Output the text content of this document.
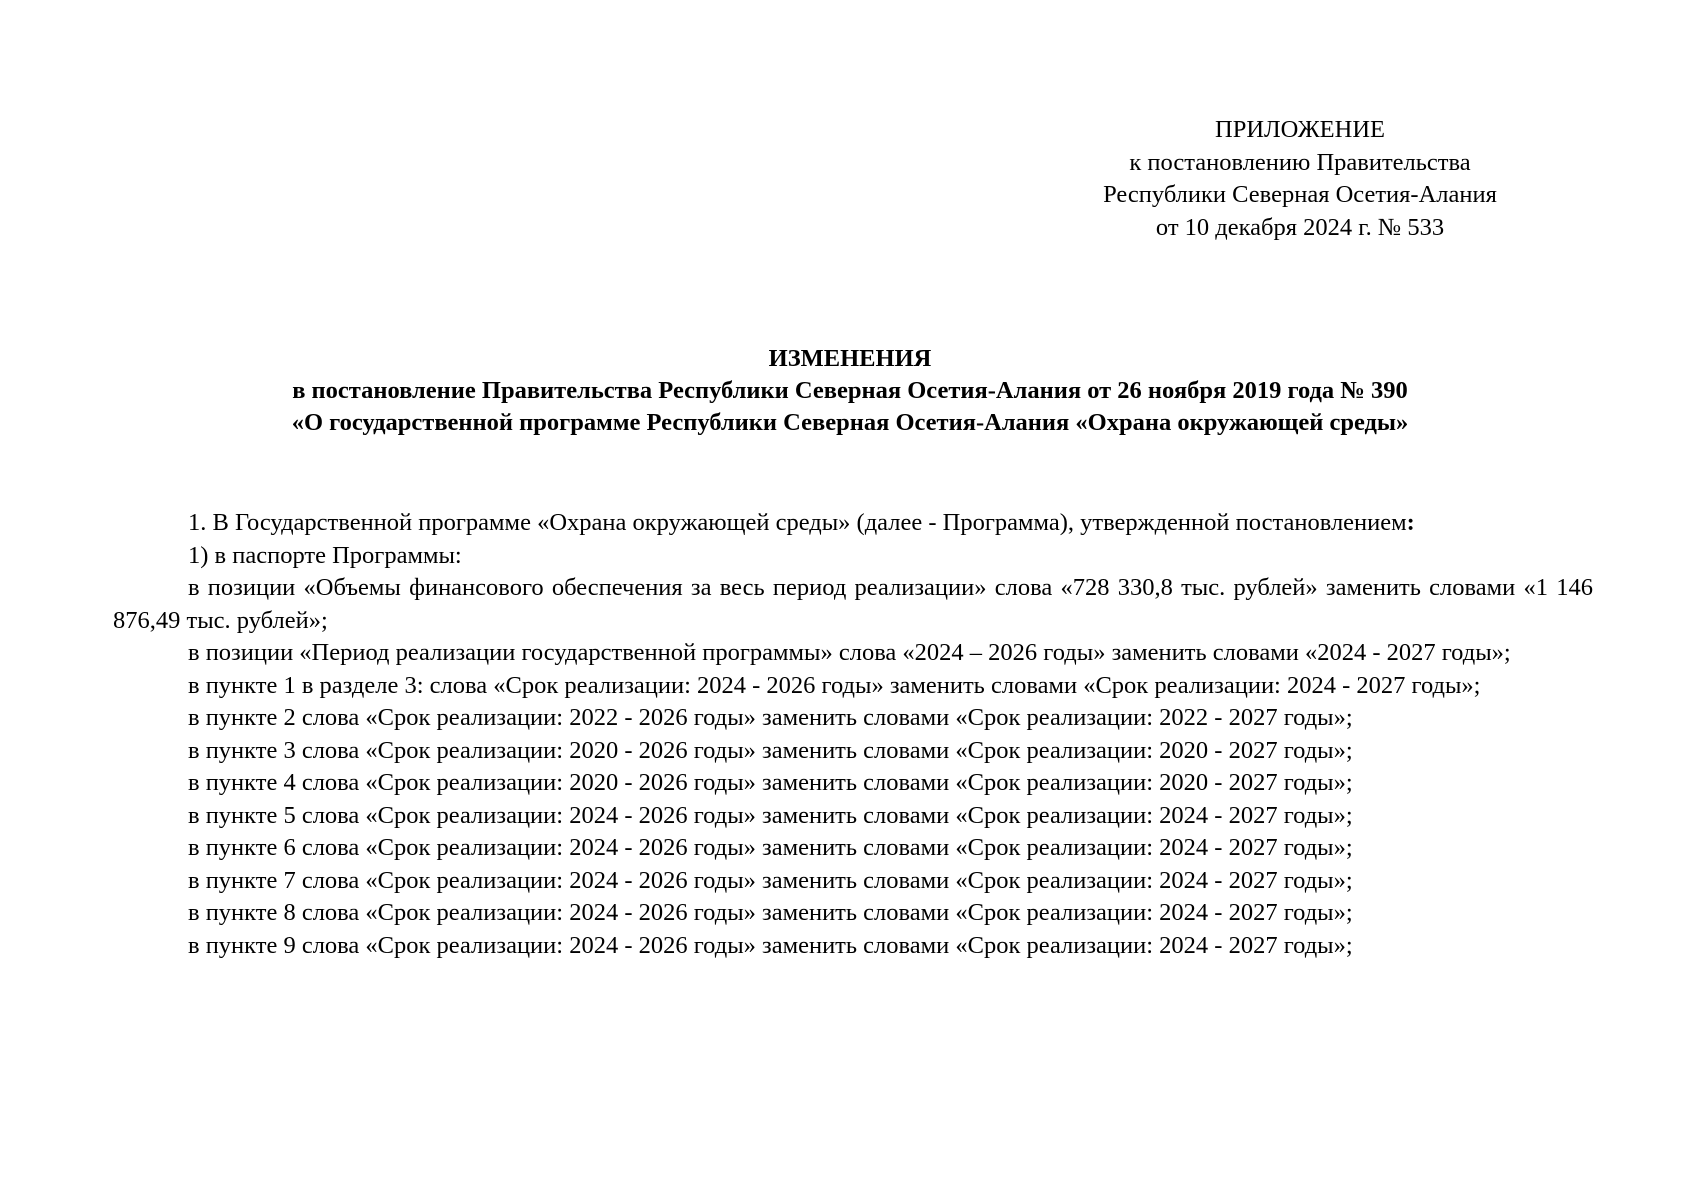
ПРИЛОЖЕНИЕ
к постановлению Правительства
Республики Северная Осетия-Алания
от 10 декабря 2024 г. № 533
ИЗМЕНЕНИЯ
в постановление Правительства Республики Северная Осетия-Алания от 26 ноября 2019 года № 390
«О государственной программе Республики Северная Осетия-Алания «Охрана окружающей среды»

1. В Государственной программе «Охрана окружающей среды» (далее - Программа), утвержденной постановлением:

1) в паспорте Программы:

в позиции «Объемы финансового обеспечения за весь период реализации» слова «728 330,8 тыс. рублей» заменить словами «1 146 876,49 тыс. рублей»;

в позиции «Период реализации государственной программы» слова «2024 – 2026 годы» заменить словами «2024 - 2027 годы»;

в пункте 1 в разделе 3: слова «Срок реализации: 2024 - 2026 годы» заменить словами «Срок реализации: 2024 - 2027 годы»;

в пункте 2 слова «Срок реализации: 2022 - 2026 годы» заменить словами «Срок реализации: 2022 - 2027 годы»;

в пункте 3 слова «Срок реализации: 2020 - 2026 годы» заменить словами «Срок реализации: 2020 - 2027 годы»;

в пункте 4 слова «Срок реализации: 2020 - 2026 годы» заменить словами «Срок реализации: 2020 - 2027 годы»;

в пункте 5 слова «Срок реализации: 2024 - 2026 годы» заменить словами «Срок реализации: 2024 - 2027 годы»;

в пункте 6 слова «Срок реализации: 2024 - 2026 годы» заменить словами «Срок реализации: 2024 - 2027 годы»;

в пункте 7 слова «Срок реализации: 2024 - 2026 годы» заменить словами «Срок реализации: 2024 - 2027 годы»;

в пункте 8 слова «Срок реализации: 2024 - 2026 годы» заменить словами «Срок реализации: 2024 - 2027 годы»;

в пункте 9 слова «Срок реализации: 2024 - 2026 годы» заменить словами «Срок реализации: 2024 - 2027 годы»;
